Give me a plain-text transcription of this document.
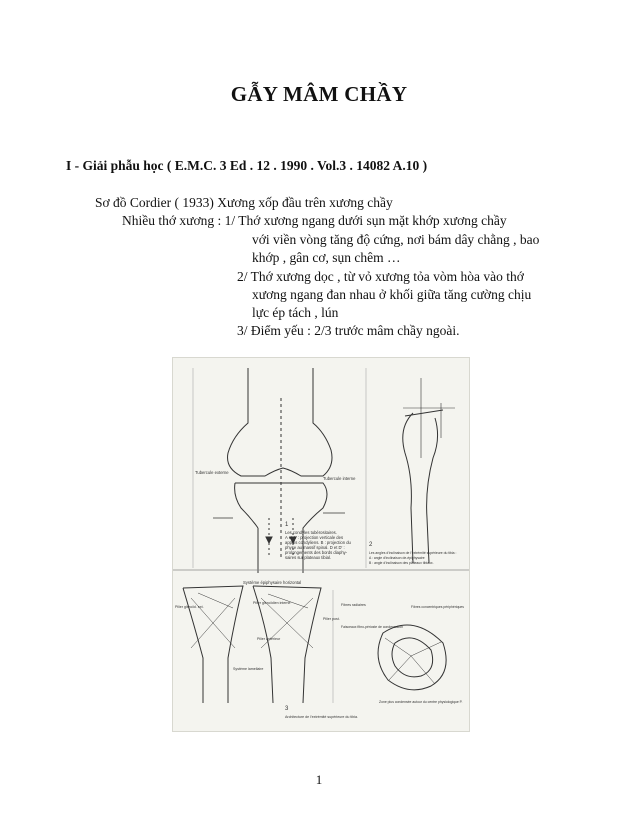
GẪY MÂM CHẦY
I - Giải phẫu học ( E.M.C. 3 Ed . 12 . 1990 . Vol.3 . 14082 A.10 )
Sơ đồ Cordier ( 1933) Xương xốp đầu trên xương chầy
Nhiều thớ xương : 1/ Thớ xương ngang dưới sụn mặt khớp xương chầy
với viền vòng tăng độ cứng, nơi bám dây chằng , bao
khớp , gân cơ, sụn chêm …
2/ Thớ xương dọc , từ vỏ xương tỏa vòm hòa vào thớ
xương ngang đan nhau ở khối giữa tăng cường chịu
lực ép tách , lún
3/ Điểm yếu : 2/3 trước mâm chầy ngoài.
Tubercule externe
Tubercule interne
1
Les condyles tubérositaires.
A et A' : projection verticale des
appuis condyliens. B : projection du
physe au massif spinal. D et D' :
prolongements des bords diaphy-
saires sur plateaux tibial.
2
Les angles d'inclinaison de l'extrémité supérieure du tibia :
A : angle d'inclinaison de-épiphysaire
B : angle d'inclinaison des plateaux tibiaux.
Système épiphysaire horizontal
Pilier glénoïd. ext.
Pilier glénoïdien interne
Pilier post.
Pilier antérieur
Système lamellaire
Fibres radiaires
Faisceaux fibro-périoste de condensation
Fibres concentriques périphériques
Zone plus condensée autour du centre physiologique P.
3
Architecture de l'extrémité supérieure du tibia.
1
